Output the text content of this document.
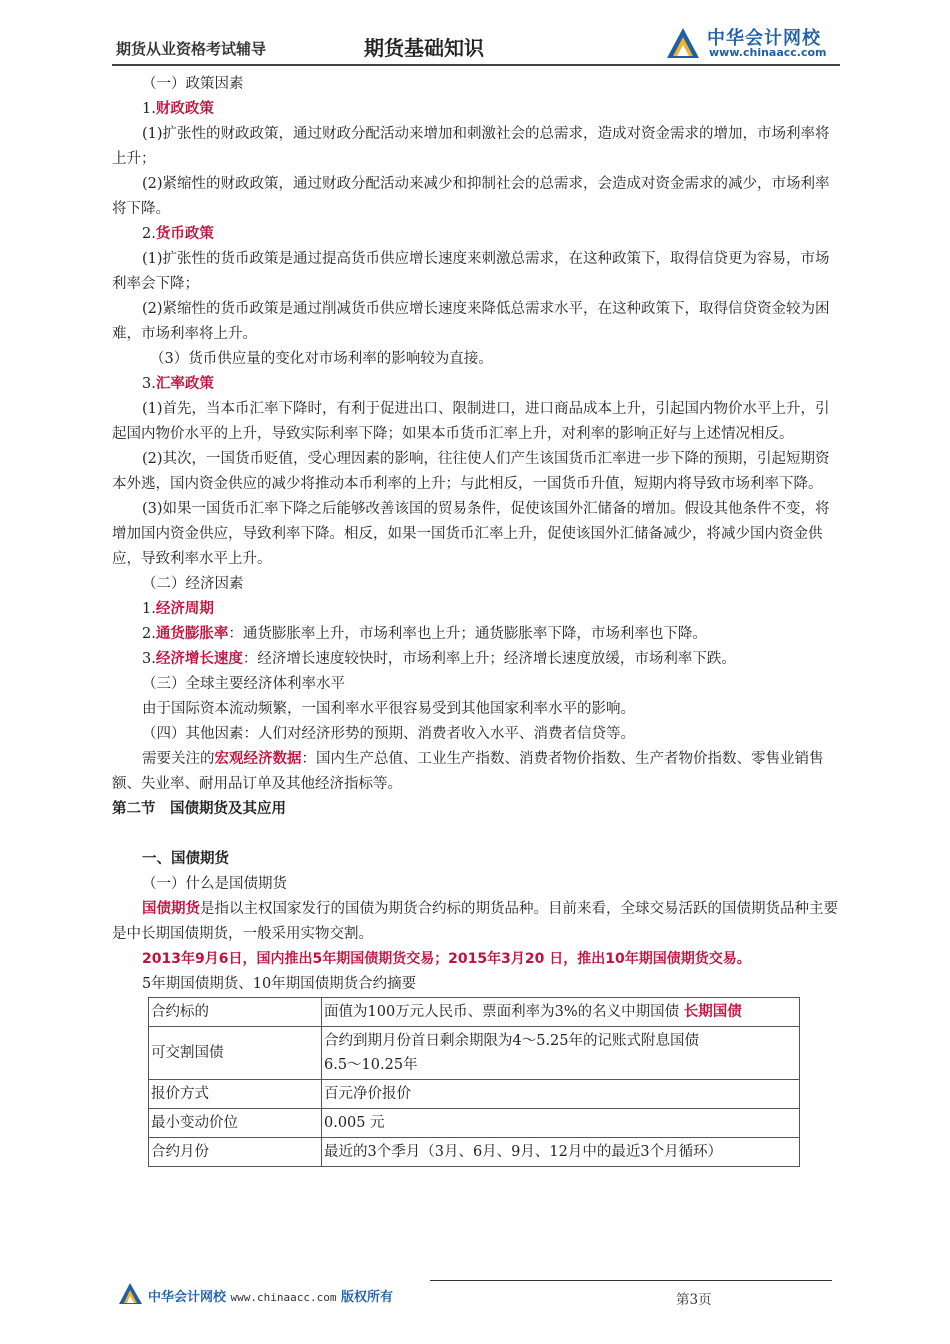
期货从业资格考试辅导	期货基础知识	中华会计网校
www.chinaacc.com

（一）政策因素

1.财政政策

(1)扩张性的财政政策，通过财政分配活动来增加和刺激社会的总需求，造成对资金需求的增加，市场利率将上升；

(2)紧缩性的财政政策，通过财政分配活动来减少和抑制社会的总需求，会造成对资金需求的减少，市场利率将下降。

2.货币政策

(1)扩张性的货币政策是通过提高货币供应增长速度来刺激总需求，在这种政策下，取得信贷更为容易，市场利率会下降；

(2)紧缩性的货币政策是通过削减货币供应增长速度来降低总需求水平，在这种政策下，取得信贷资金较为困难，市场利率将上升。

（3）货币供应量的变化对市场利率的影响较为直接。

3.汇率政策

(1)首先，当本币汇率下降时，有利于促进出口、限制进口，进口商品成本上升，引起国内物价水平上升，引起国内物价水平的上升，导致实际利率下降；如果本币货币汇率上升，对利率的影响正好与上述情况相反。

(2)其次，一国货币贬值，受心理因素的影响，往往使人们产生该国货币汇率进一步下降的预期，引起短期资本外逃，国内资金供应的减少将推动本币利率的上升；与此相反，一国货币升值，短期内将导致市场利率下降。

(3)如果一国货币汇率下降之后能够改善该国的贸易条件，促使该国外汇储备的增加。假设其他条件不变，将增加国内资金供应，导致利率下降。相反，如果一国货币汇率上升，促使该国外汇储备减少，将减少国内资金供应，导致利率水平上升。

（二）经济因素

1.经济周期

2.通货膨胀率：通货膨胀率上升，市场利率也上升；通货膨胀率下降，市场利率也下降。

3.经济增长速度：经济增长速度较快时，市场利率上升；经济增长速度放缓，市场利率下跌。

（三）全球主要经济体利率水平

由于国际资本流动频繁，一国利率水平很容易受到其他国家利率水平的影响。

（四）其他因素：人们对经济形势的预期、消费者收入水平、消费者信贷等。

需要关注的宏观经济数据：国内生产总值、工业生产指数、消费者物价指数、生产者物价指数、零售业销售额、失业率、耐用品订单及其他经济指标等。

第二节　国债期货及其应用

一、国债期货

（一）什么是国债期货

国债期货是指以主权国家发行的国债为期货合约标的期货品种。目前来看，全球交易活跃的国债期货品种主要是中长期国债期货，一般采用实物交割。

2013年9月6日，国内推出5年期国债期货交易；2015年3月20 日，推出10年期国债期货交易。

5年期国债期货、10年期国债期货合约摘要

合约标的	面值为100万元人民币、票面利率为3%的名义中期国债 长期国债
可交割国债	合约到期月份首日剩余期限为4～5.25年的记账式附息国债
6.5～10.25年

报价方式	百元净价报价
最小变动价位	0.005 元
合约月份	最近的3个季月（3月、6月、9月、12月中的最近3个月循环）
中华会计网校 www.chinaacc.com 版权所有	第3页
